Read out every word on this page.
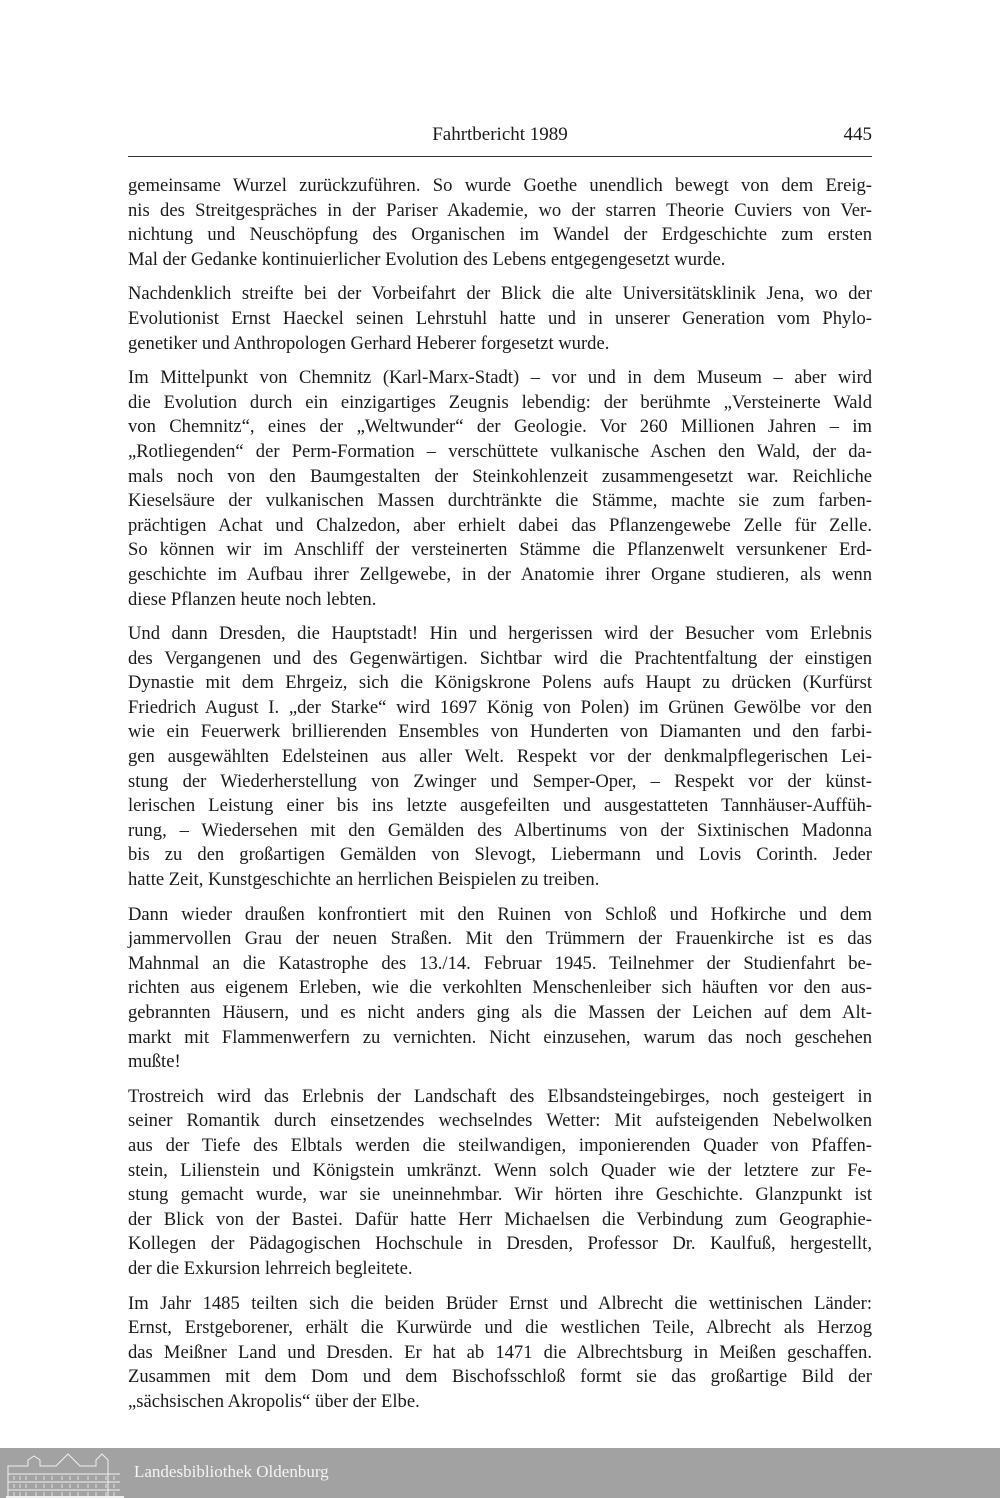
Fahrtbericht 1989	445
gemeinsame Wurzel zurückzuführen. So wurde Goethe unendlich bewegt von dem Ereig-
nis des Streitgespräches in der Pariser Akademie, wo der starren Theorie Cuviers von Ver-
nichtung und Neuschöpfung des Organischen im Wandel der Erdgeschichte zum ersten
Mal der Gedanke kontinuierlicher Evolution des Lebens entgegengesetzt wurde.
Nachdenklich streifte bei der Vorbeifahrt der Blick die alte Universitätsklinik Jena, wo der
Evolutionist Ernst Haeckel seinen Lehrstuhl hatte und in unserer Generation vom Phylo-
genetiker und Anthropologen Gerhard Heberer forgesetzt wurde.
Im Mittelpunkt von Chemnitz (Karl-Marx-Stadt) – vor und in dem Museum – aber wird
die Evolution durch ein einzigartiges Zeugnis lebendig: der berühmte „Versteinerte Wald
von Chemnitz“, eines der „Weltwunder“ der Geologie. Vor 260 Millionen Jahren – im
„Rotliegenden“ der Perm-Formation – verschüttete vulkanische Aschen den Wald, der da-
mals noch von den Baumgestalten der Steinkohlenzeit zusammengesetzt war. Reichliche
Kieselsäure der vulkanischen Massen durchtränkte die Stämme, machte sie zum farben-
prächtigen Achat und Chalzedon, aber erhielt dabei das Pflanzengewebe Zelle für Zelle.
So können wir im Anschliff der versteinerten Stämme die Pflanzenwelt versunkener Erd-
geschichte im Aufbau ihrer Zellgewebe, in der Anatomie ihrer Organe studieren, als wenn
diese Pflanzen heute noch lebten.
Und dann Dresden, die Hauptstadt! Hin und hergerissen wird der Besucher vom Erlebnis
des Vergangenen und des Gegenwärtigen. Sichtbar wird die Prachtentfaltung der einstigen
Dynastie mit dem Ehrgeiz, sich die Königskrone Polens aufs Haupt zu drücken (Kurfürst
Friedrich August I. „der Starke“ wird 1697 König von Polen) im Grünen Gewölbe vor den
wie ein Feuerwerk brillierenden Ensembles von Hunderten von Diamanten und den farbi-
gen ausgewählten Edelsteinen aus aller Welt. Respekt vor der denkmalpflegerischen Lei-
stung der Wiederherstellung von Zwinger und Semper-Oper, – Respekt vor der künst-
lerischen Leistung einer bis ins letzte ausgefeilten und ausgestatteten Tannhäuser-Auffüh-
rung, – Wiedersehen mit den Gemälden des Albertinums von der Sixtinischen Madonna
bis zu den großartigen Gemälden von Slevogt, Liebermann und Lovis Corinth. Jeder
hatte Zeit, Kunstgeschichte an herrlichen Beispielen zu treiben.
Dann wieder draußen konfrontiert mit den Ruinen von Schloß und Hofkirche und dem
jammervollen Grau der neuen Straßen. Mit den Trümmern der Frauenkirche ist es das
Mahnmal an die Katastrophe des 13./14. Februar 1945. Teilnehmer der Studienfahrt be-
richten aus eigenem Erleben, wie die verkohlten Menschenleiber sich häuften vor den aus-
gebrannten Häusern, und es nicht anders ging als die Massen der Leichen auf dem Alt-
markt mit Flammenwerfern zu vernichten. Nicht einzusehen, warum das noch geschehen
mußte!
Trostreich wird das Erlebnis der Landschaft des Elbsandsteingebirges, noch gesteigert in
seiner Romantik durch einsetzendes wechselndes Wetter: Mit aufsteigenden Nebelwolken
aus der Tiefe des Elbtals werden die steilwandigen, imponierenden Quader von Pfaffen-
stein, Lilienstein und Königstein umkränzt. Wenn solch Quader wie der letztere zur Fe-
stung gemacht wurde, war sie uneinnehmbar. Wir hörten ihre Geschichte. Glanzpunkt ist
der Blick von der Bastei. Dafür hatte Herr Michaelsen die Verbindung zum Geographie-
Kollegen der Pädagogischen Hochschule in Dresden, Professor Dr. Kaulfuß, hergestellt,
der die Exkursion lehrreich begleitete.
Im Jahr 1485 teilten sich die beiden Brüder Ernst und Albrecht die wettinischen Länder:
Ernst, Erstgeborener, erhält die Kurwürde und die westlichen Teile, Albrecht als Herzog
das Meißner Land und Dresden. Er hat ab 1471 die Albrechtsburg in Meißen geschaffen.
Zusammen mit dem Dom und dem Bischofsschloß formt sie das großartige Bild der
„sächsischen Akropolis“ über der Elbe.
Landesbibliothek Oldenburg
